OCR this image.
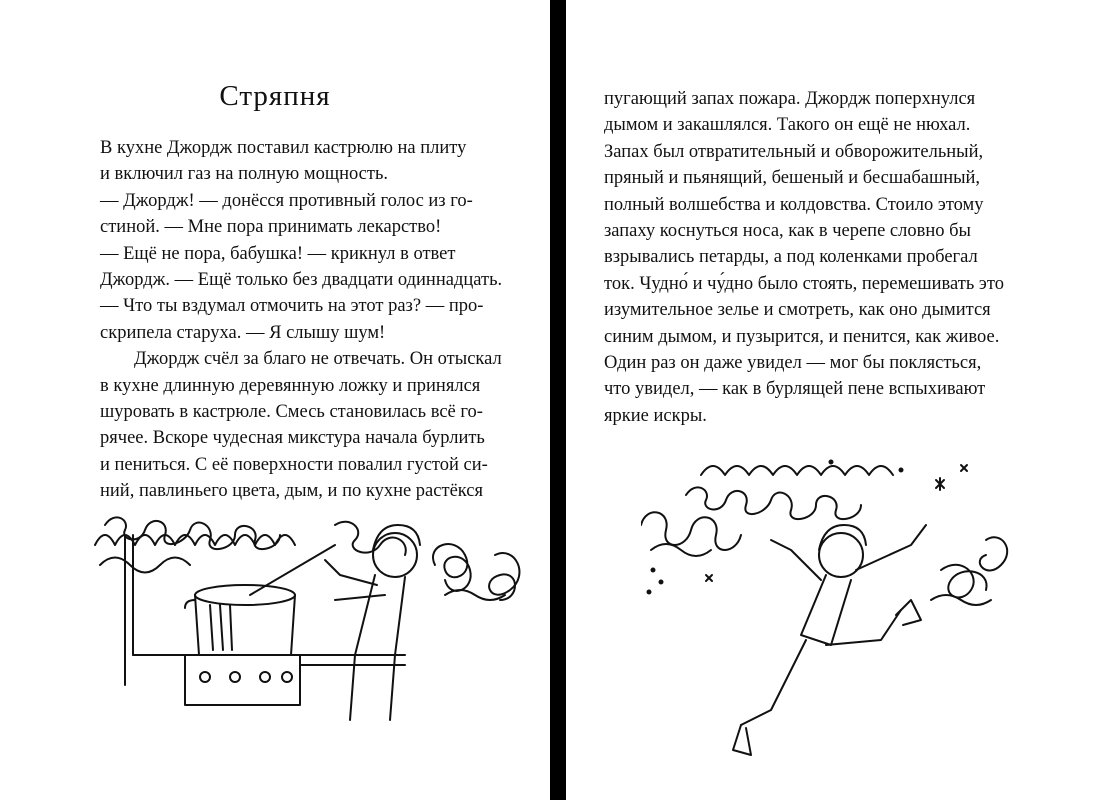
Стряпня
В кухне Джордж поставил кастрюлю на плиту
и включил газ на полную мощность.
— Джордж! — донёсся противный голос из го-
стиной. — Мне пора принимать лекарство!
— Ещё не пора, бабушка! — крикнул в ответ
Джордж. — Ещё только без двадцати одиннадцать.
— Что ты вздумал отмочить на этот раз? — про-
скрипела старуха. — Я слышу шум!
Джордж счёл за благо не отвечать. Он отыскал
в кухне длинную деревянную ложку и принялся
шуровать в кастрюле. Смесь становилась всё го-
рячее. Вскоре чудесная микстура начала бурлить
и пениться. С её поверхности повалил густой си-
ний, павлиньего цвета, дым, и по кухне растёкся
пугающий запах пожара. Джордж поперхнулся
дымом и закашлялся. Такого он ещё не нюхал.
Запах был отвратительный и обворожительный,
пряный и пьянящий, бешеный и бесшабашный,
полный волшебства и колдовства. Стоило этому
запаху коснуться носа, как в черепе словно бы
взрывались петарды, а под коленками пробегал
ток. Чудно́ и чу́дно было стоять, перемешивать это
изумительное зелье и смотреть, как оно дымится
синим дымом, и пузырится, и пенится, как живое.
Один раз он даже увидел — мог бы поклясться,
что увидел, — как в бурлящей пене вспыхивают
яркие искры.
